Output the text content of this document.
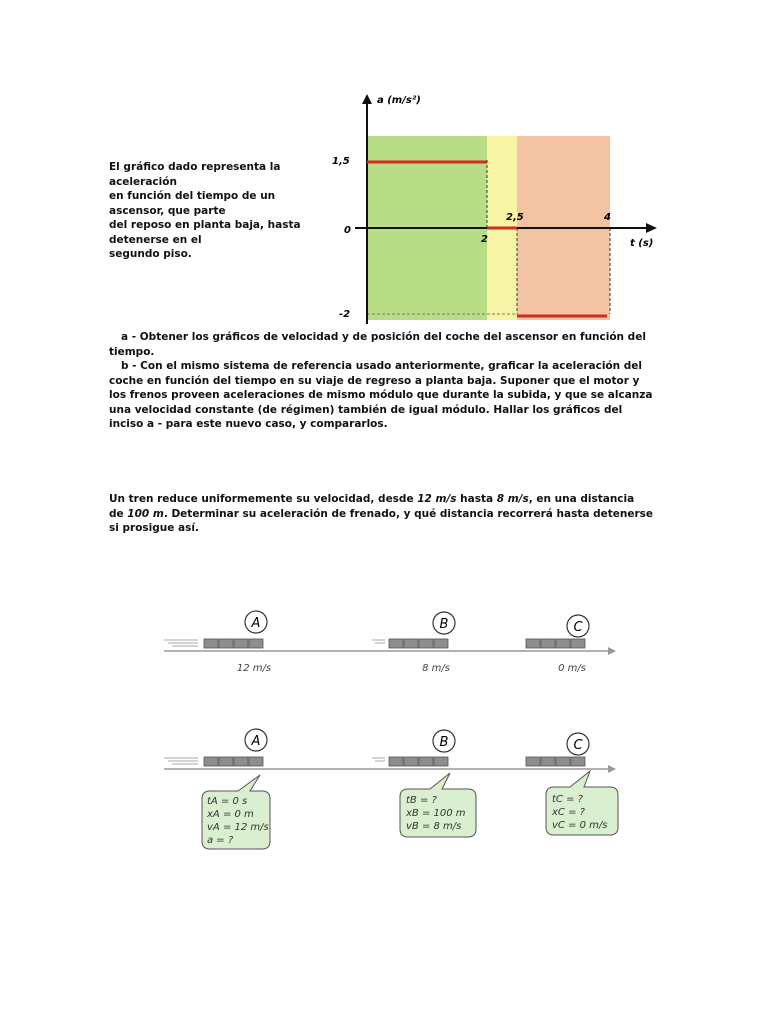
El gráfico dado representa la
aceleración
en función del tiempo de un
ascensor, que parte
del reposo en planta baja, hasta
detenerse en el
segundo piso.
a (m/s²)
t (s)
1,5
0
-2
2
2,5	4
a - Obtener los gráficos de velocidad y de posición del coche del ascensor en función del
tiempo.
b - Con el mismo sistema de referencia usado anteriormente, graficar la aceleración del
coche en función del tiempo en su viaje de regreso a planta baja. Suponer que el motor y
los frenos proveen aceleraciones de mismo módulo que durante la subida, y que se alcanza
una velocidad constante (de régimen) también de igual módulo. Hallar los gráficos del
inciso a - para este nuevo caso, y compararlos.
Un tren reduce uniformemente su velocidad, desde 12 m/s hasta 8 m/s, en una distancia
de 100 m. Determinar su aceleración de frenado, y qué distancia recorrerá hasta detenerse
si prosigue así.
A	B	C
12 m/s	8 m/s	0 m/s
A	B	C
tA = 0 s
xA = 0 m
vA = 12 m/s
a = ?
tB = ?
xB = 100 m
vB = 8 m/s
tC = ?
xC = ?
vC = 0 m/s
